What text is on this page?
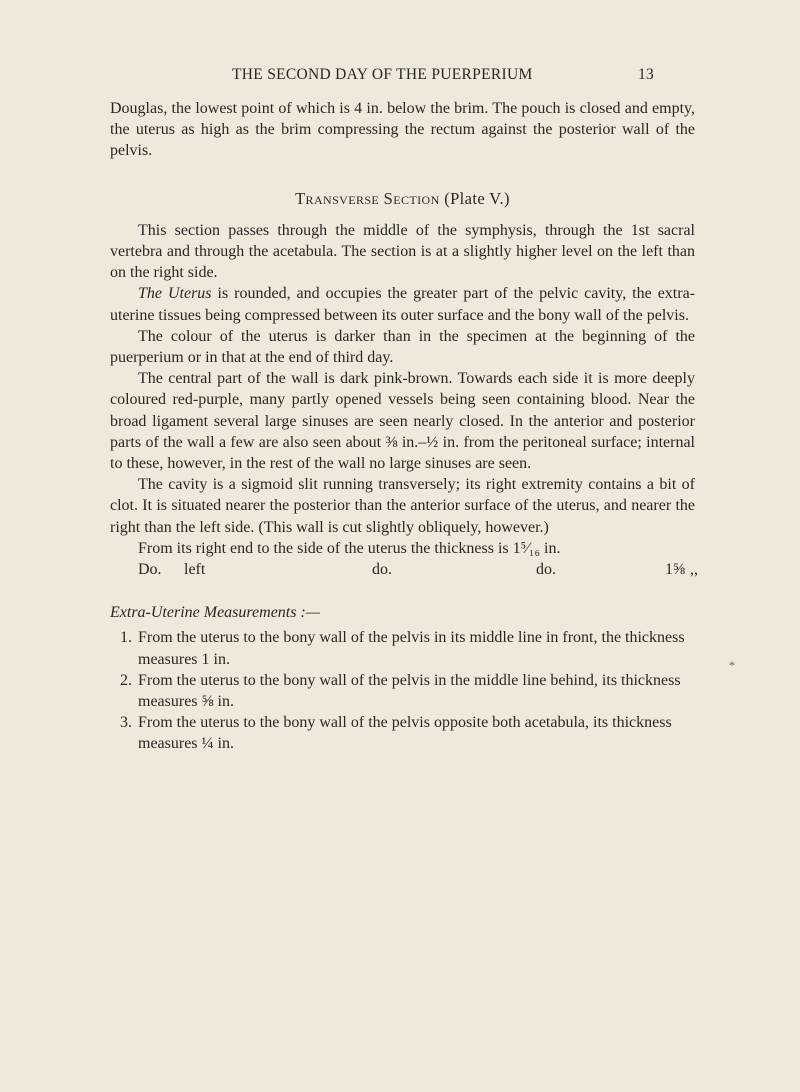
THE SECOND DAY OF THE PUERPERIUM	13

Douglas, the lowest point of which is 4 in. below the brim. The pouch is closed and empty, the uterus as high as the brim compressing the rectum against the posterior wall of the pelvis.

Transverse Section (Plate V.)

This section passes through the middle of the symphysis, through the 1st sacral vertebra and through the acetabula. The section is at a slightly higher level on the left than on the right side.

The Uterus is rounded, and occupies the greater part of the pelvic cavity, the extra-uterine tissues being compressed between its outer surface and the bony wall of the pelvis.

The colour of the uterus is darker than in the specimen at the beginning of the puerperium or in that at the end of third day.

The central part of the wall is dark pink-brown. Towards each side it is more deeply coloured red-purple, many partly opened vessels being seen containing blood. Near the broad ligament several large sinuses are seen nearly closed. In the anterior and posterior parts of the wall a few are also seen about ⅜ in.–½ in. from the peritoneal surface; internal to these, however, in the rest of the wall no large sinuses are seen.

The cavity is a sigmoid slit running transversely; its right extremity contains a bit of clot. It is situated nearer the posterior than the anterior surface of the uterus, and nearer the right than the left side. (This wall is cut slightly obliquely, however.)

From its right end to the side of the uterus the thickness is 1⁵⁄₁₆ in.

Do. left	do.	do.	1⅝ ,,

Extra-Uterine Measurements :—

1. From the uterus to the bony wall of the pelvis in its middle line in front, the thickness measures 1 in.
2. From the uterus to the bony wall of the pelvis in the middle line behind, its thickness measures ⅝ in.
3. From the uterus to the bony wall of the pelvis opposite both acetabula, its thickness measures ¼ in.
*
